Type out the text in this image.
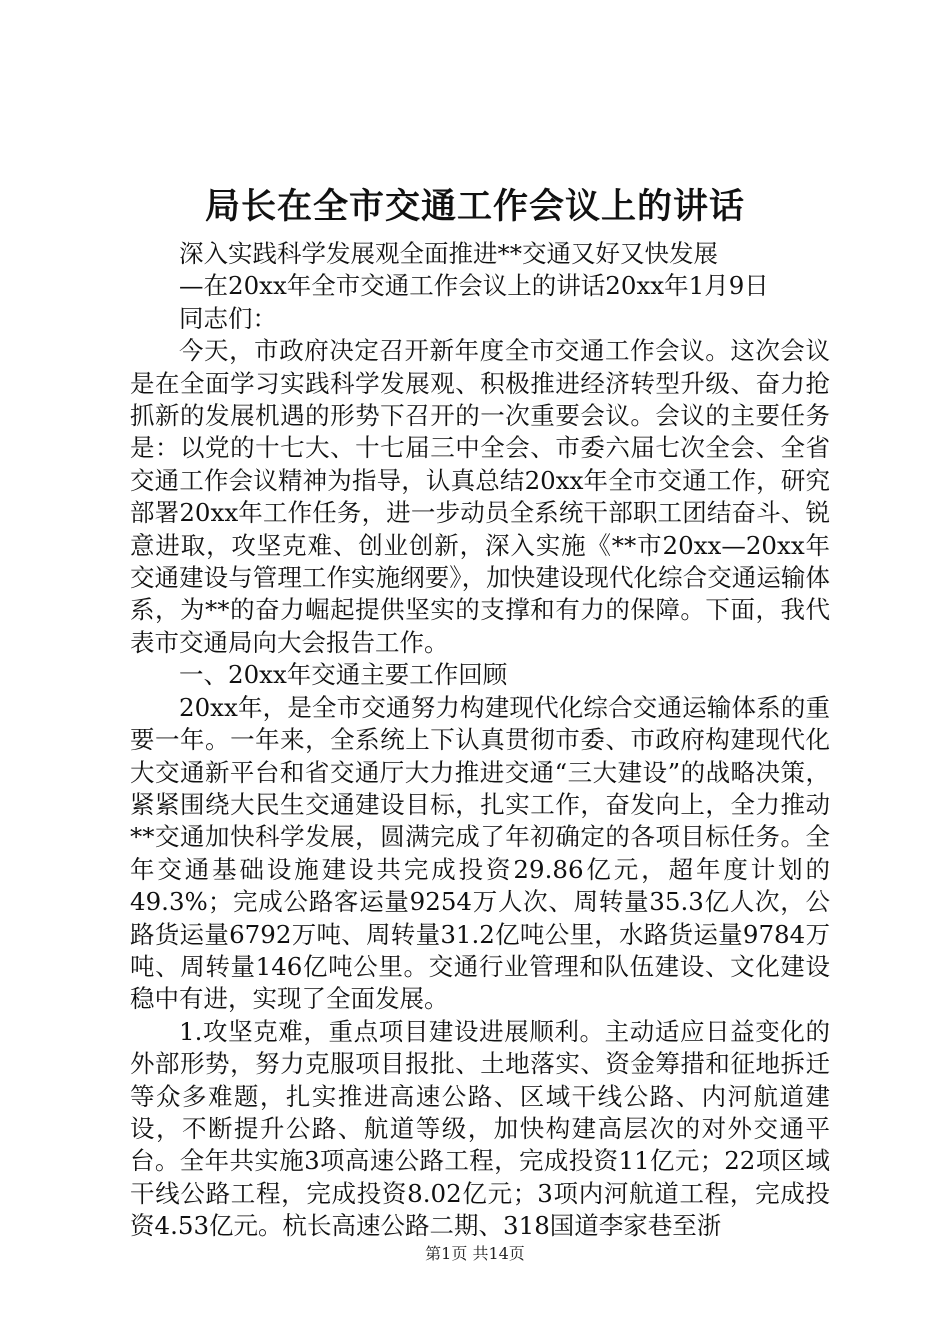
局长在全市交通工作会议上的讲话

深入实践科学发展观全面推进**交通又好又快发展

—在20xx年全市交通工作会议上的讲话20xx年1月9日

同志们：

今天，市政府决定召开新年度全市交通工作会议。这次会议是在全面学习实践科学发展观、积极推进经济转型升级、奋力抢抓新的发展机遇的形势下召开的一次重要会议。会议的主要任务是：以党的十七大、十七届三中全会、市委六届七次全会、全省交通工作会议精神为指导，认真总结20xx年全市交通工作，研究部署20xx年工作任务，进一步动员全系统干部职工团结奋斗、锐意进取，攻坚克难、创业创新，深入实施《**市20xx—20xx年交通建设与管理工作实施纲要》，加快建设现代化综合交通运输体系，为**的奋力崛起提供坚实的支撑和有力的保障。下面，我代表市交通局向大会报告工作。

一、20xx年交通主要工作回顾

20xx年，是全市交通努力构建现代化综合交通运输体系的重要一年。一年来，全系统上下认真贯彻市委、市政府构建现代化大交通新平台和省交通厅大力推进交通“三大建设”的战略决策，紧紧围绕大民生交通建设目标，扎实工作，奋发向上，全力推动**交通加快科学发展，圆满完成了年初确定的各项目标任务。全年交通基础设施建设共完成投资29.86亿元，超年度计划的49.3%；完成公路客运量9254万人次、周转量35.3亿人次，公路货运量6792万吨、周转量31.2亿吨公里，水路货运量9784万吨、周转量146亿吨公里。交通行业管理和队伍建设、文化建设稳中有进，实现了全面发展。

1.攻坚克难，重点项目建设进展顺利。主动适应日益变化的外部形势，努力克服项目报批、土地落实、资金筹措和征地拆迁等众多难题，扎实推进高速公路、区域干线公路、内河航道建设，不断提升公路、航道等级，加快构建高层次的对外交通平台。全年共实施3项高速公路工程，完成投资11亿元；22项区域干线公路工程，完成投资8.02亿元；3项内河航道工程，完成投资4.53亿元。杭长高速公路二期、318国道李家巷至浙

第1页 共14页
